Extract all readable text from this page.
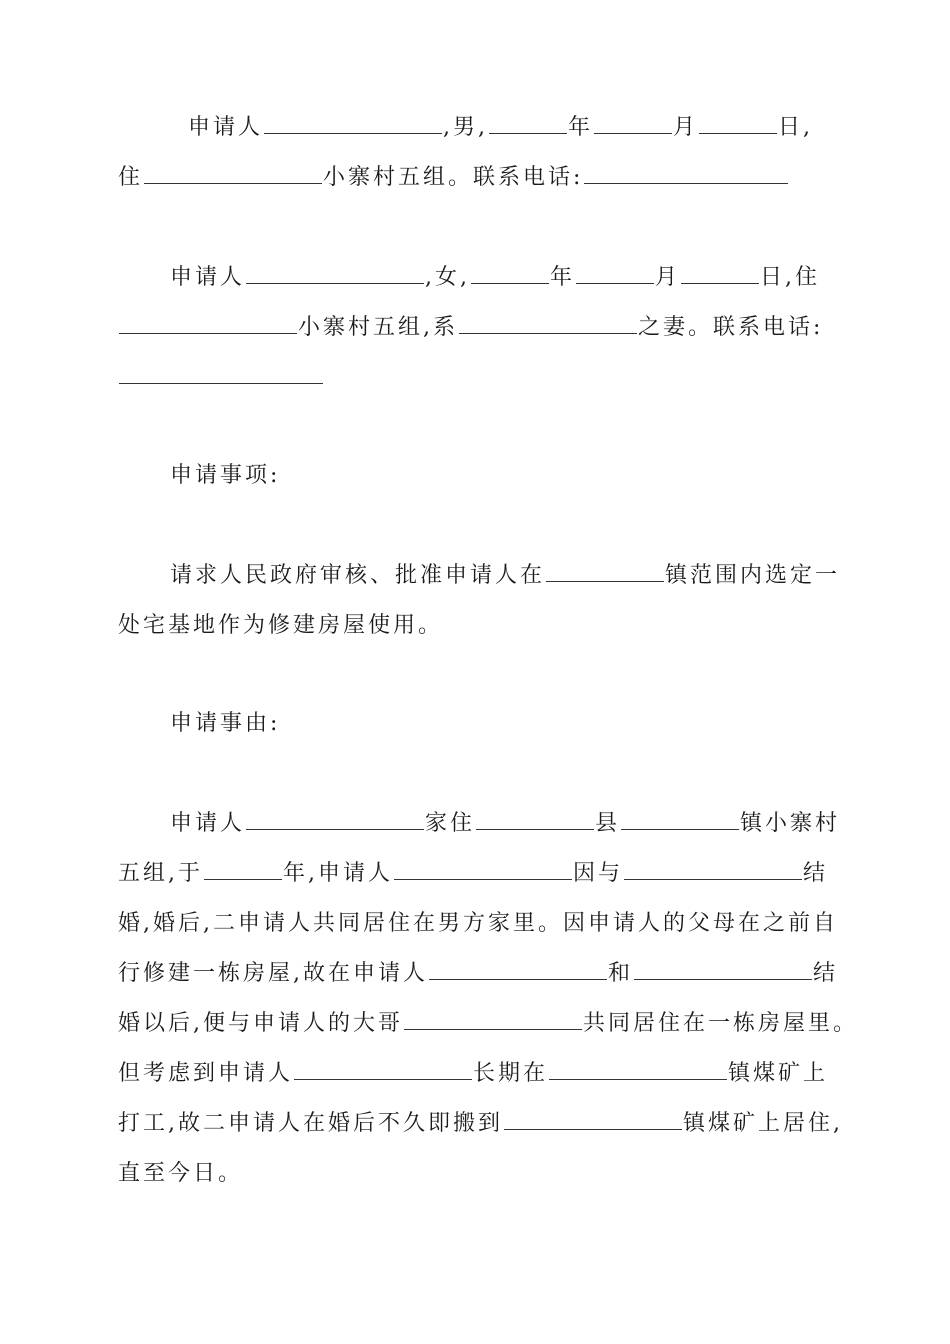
申请人	,男,	年	月	日,
住	小寨村五组。联系电话:
申请人	,女,	年	月	日,住
小寨村五组,系	之妻。联系电话:
申请事项:
请求人民政府审核、批准申请人在	镇范围内选定一
处宅基地作为修建房屋使用。
申请事由:
申请人	家住	县	镇小寨村
五组,于	年,申请人	因与	结
婚,婚后,二申请人共同居住在男方家里。因申请人的父母在之前自
行修建一栋房屋,故在申请人	和	结
婚以后,便与申请人的大哥	共同居住在一栋房屋里。
但考虑到申请人	长期在	镇煤矿上
打工,故二申请人在婚后不久即搬到	镇煤矿上居住,
直至今日。
